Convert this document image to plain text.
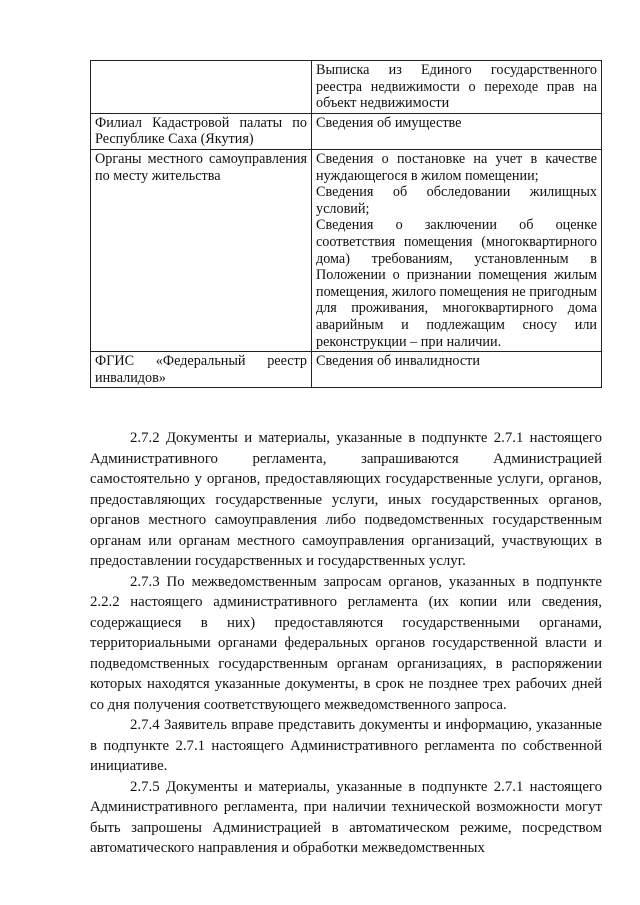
	Выписка из Единого государственного реестра недвижимости о переходе прав на объект недвижимости

Филиал Кадастровой палаты по Республике Саха (Якутия)	Сведения об имуществе

Органы местного самоуправления по месту жительства	Сведения о постановке на учет в качестве нуждающегося в жилом помещении;

Сведения об обследовании жилищных условий;

Сведения о заключении об оценке соответствия помещения (многоквартирного дома) требованиям, установленным в Положении о признании помещения жилым помещения, жилого помещения не пригодным для проживания, многоквартирного дома аварийным и подлежащим сносу или реконструкции – при наличии.

ФГИС «Федеральный реестр инвалидов»	Сведения об инвалидности

2.7.2 Документы и материалы, указанные в подпункте 2.7.1 настоящего Административного регламента, запрашиваются Администрацией самостоятельно у органов, предоставляющих государственные услуги, органов, предоставляющих государственные услуги, иных государственных органов, органов местного самоуправления либо подведомственных государственным органам или органам местного самоуправления организаций, участвующих в предоставлении государственных и государственных услуг.

2.7.3 По межведомственным запросам органов, указанных в подпункте 2.2.2 настоящего административного регламента (их копии или сведения, содержащиеся в них) предоставляются государственными органами, территориальными органами федеральных органов государственной власти и подведомственных государственным органам организациях, в распоряжении которых находятся указанные документы, в срок не позднее трех рабочих дней со дня получения соответствующего межведомственного запроса.

2.7.4 Заявитель вправе представить документы и информацию, указанные в подпункте 2.7.1 настоящего Административного регламента по собственной инициативе.

2.7.5 Документы и материалы, указанные в подпункте 2.7.1 настоящего Административного регламента, при наличии технической возможности могут быть запрошены Администрацией в автоматическом режиме, посредством автоматического направления и обработки межведомственных
